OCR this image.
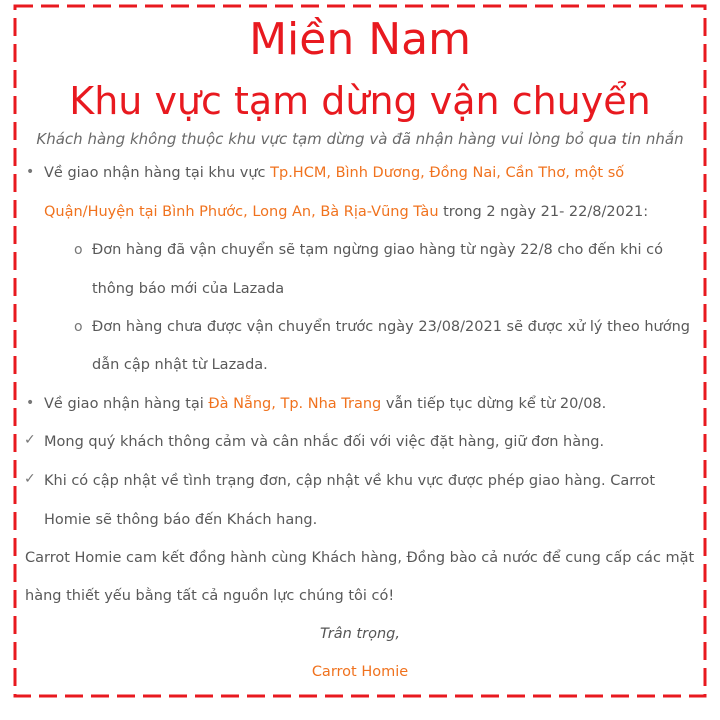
Miền Nam
Khu vực tạm dừng vận chuyển
Khách hàng không thuộc khu vực tạm dừng và đã nhận hàng vui lòng bỏ qua tin nhắn
• Về giao nhận hàng tại khu vực Tp.HCM, Bình Dương, Đồng Nai, Cần Thơ, một số
Quận/Huyện tại Bình Phước, Long An, Bà Rịa-Vũng Tàu trong 2 ngày 21- 22/8/2021:
o Đơn hàng đã vận chuyển sẽ tạm ngừng giao hàng từ ngày 22/8 cho đến khi có
thông báo mới của Lazada
o Đơn hàng chưa được vận chuyển trước ngày 23/08/2021 sẽ được xử lý theo hướng
dẫn cập nhật từ Lazada.
• Về giao nhận hàng tại Đà Nẵng, Tp. Nha Trang vẫn tiếp tục dừng kể từ 20/08.
✓ Mong quý khách thông cảm và cân nhắc đối với việc đặt hàng, giữ đơn hàng.
✓ Khi có cập nhật về tình trạng đơn, cập nhật về khu vực được phép giao hàng. Carrot
Homie sẽ thông báo đến Khách hang.
Carrot Homie cam kết đồng hành cùng Khách hàng, Đồng bào cả nước để cung cấp các mặt
hàng thiết yếu bằng tất cả nguồn lực chúng tôi có!
Trân trọng,
Carrot Homie
